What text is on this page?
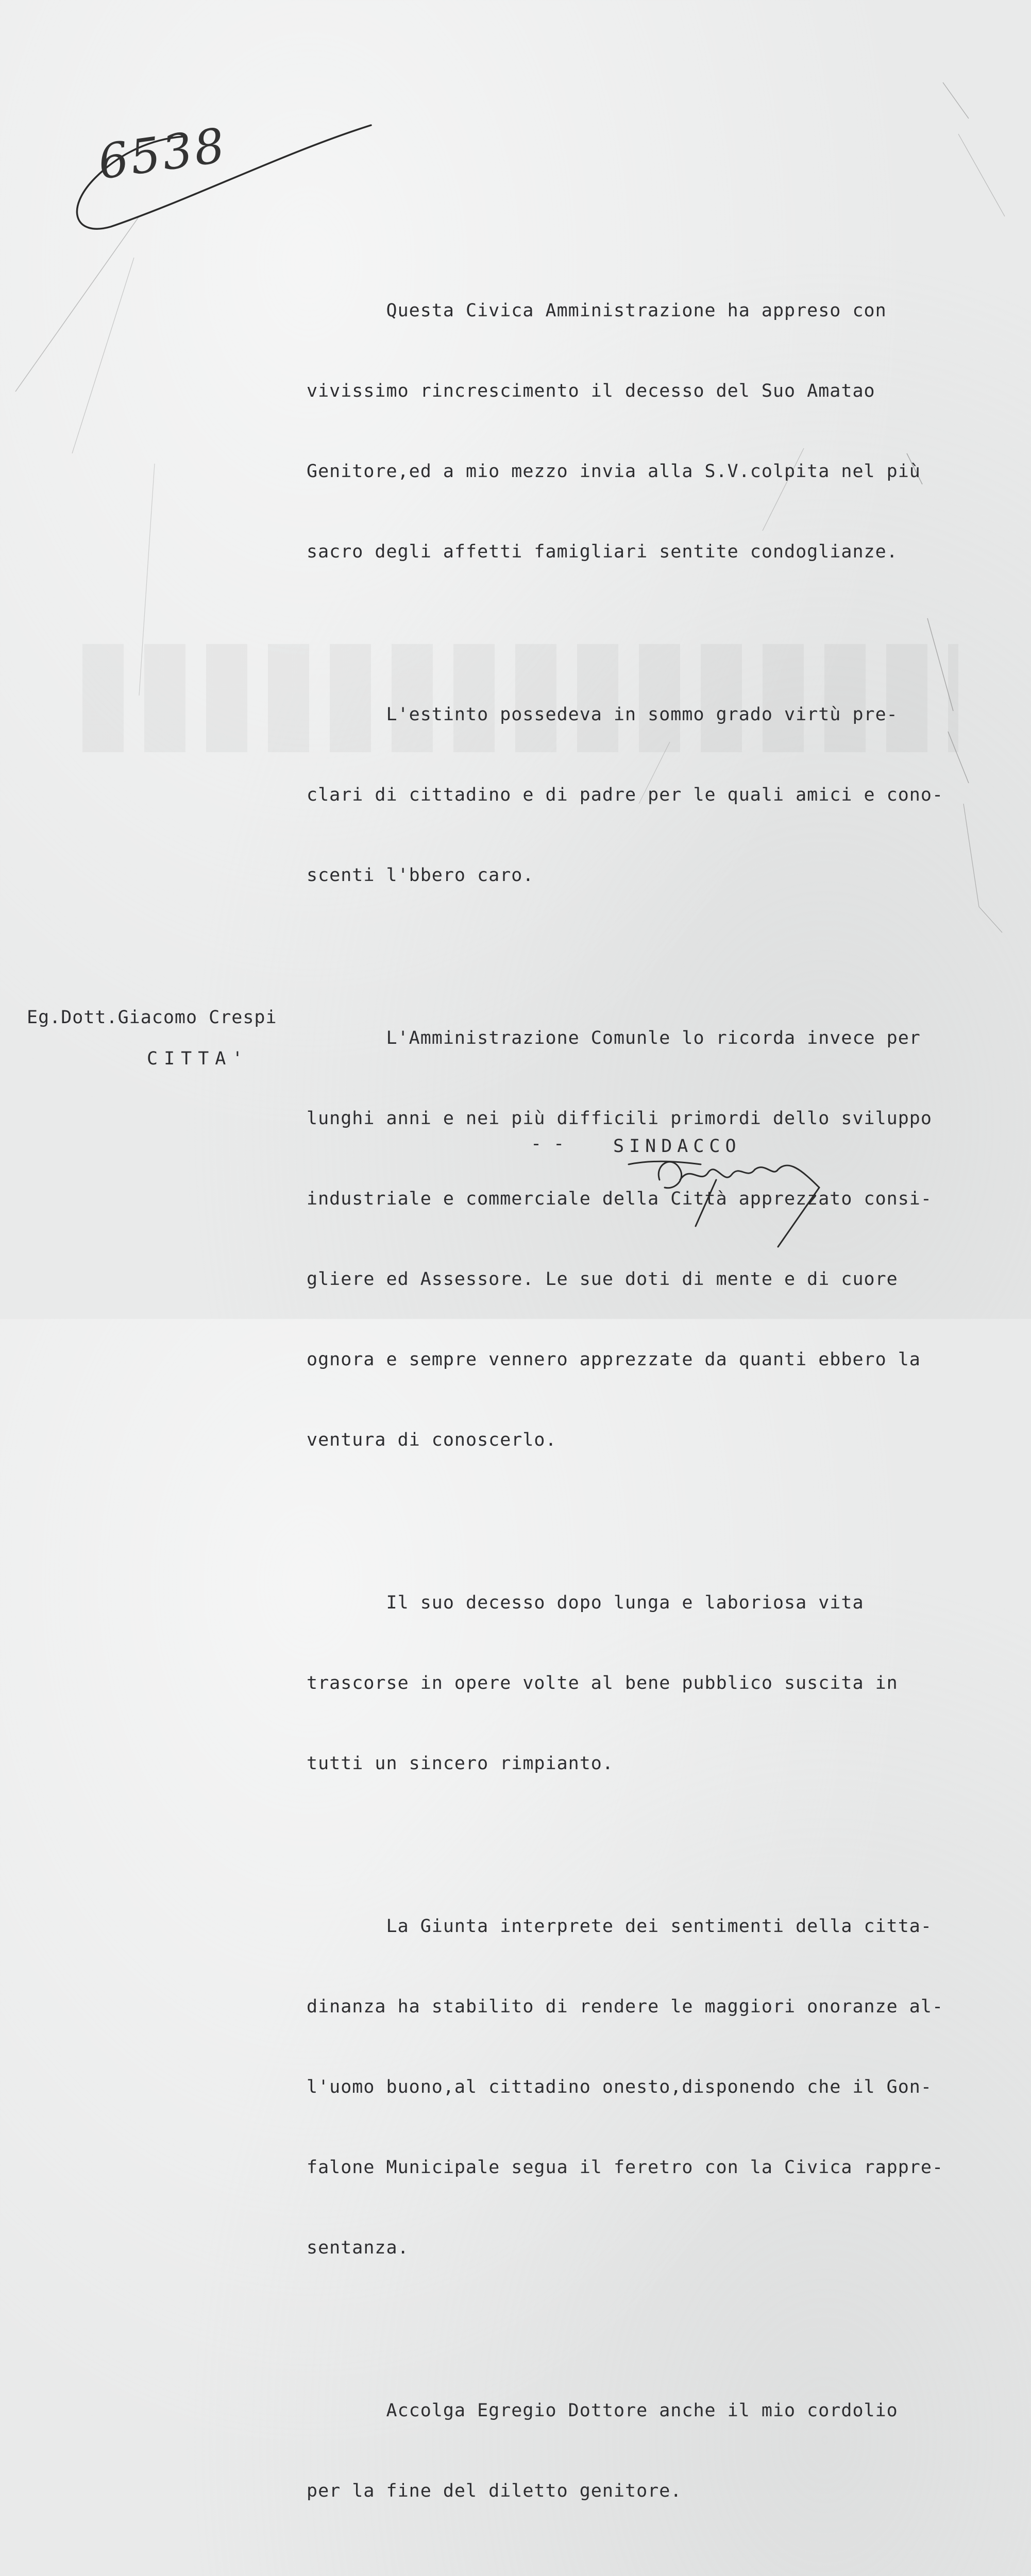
6538

Questa Civica Amministrazione ha appreso con

vivissimo rincrescimento il decesso del Suo Amatao

Genitore,ed a mio mezzo invia alla S.V.colpita nel più

sacro degli affetti famigliari sentite condoglianze.

L'estinto possedeva in sommo grado virtù pre-

clari di cittadino e di padre per le quali amici e cono-

scenti l'bbero caro.

L'Amministrazione Comunle lo ricorda invece per

lunghi anni e nei più difficili primordi dello sviluppo

industriale e commerciale della Città apprezzato consi-

gliere ed Assessore. Le sue doti di mente e di cuore

ognora e sempre vennero apprezzate da quanti ebbero la

ventura di conoscerlo.

Il suo decesso dopo lunga e laboriosa vita

trascorse in opere volte al bene pubblico suscita in

tutti un sincero rimpianto.

La Giunta interprete dei sentimenti della citta-

dinanza ha stabilito di rendere le maggiori onoranze al-

l'uomo buono,al cittadino onesto,disponendo che il Gon-

falone Municipale segua il feretro con la Civica rappre-

sentanza.

Accolga Egregio Dottore anche il mio cordolio

per la fine del diletto genitore.

Eg.Dott.Giacomo Crespi
CITTA'
- -	SINDACCO
